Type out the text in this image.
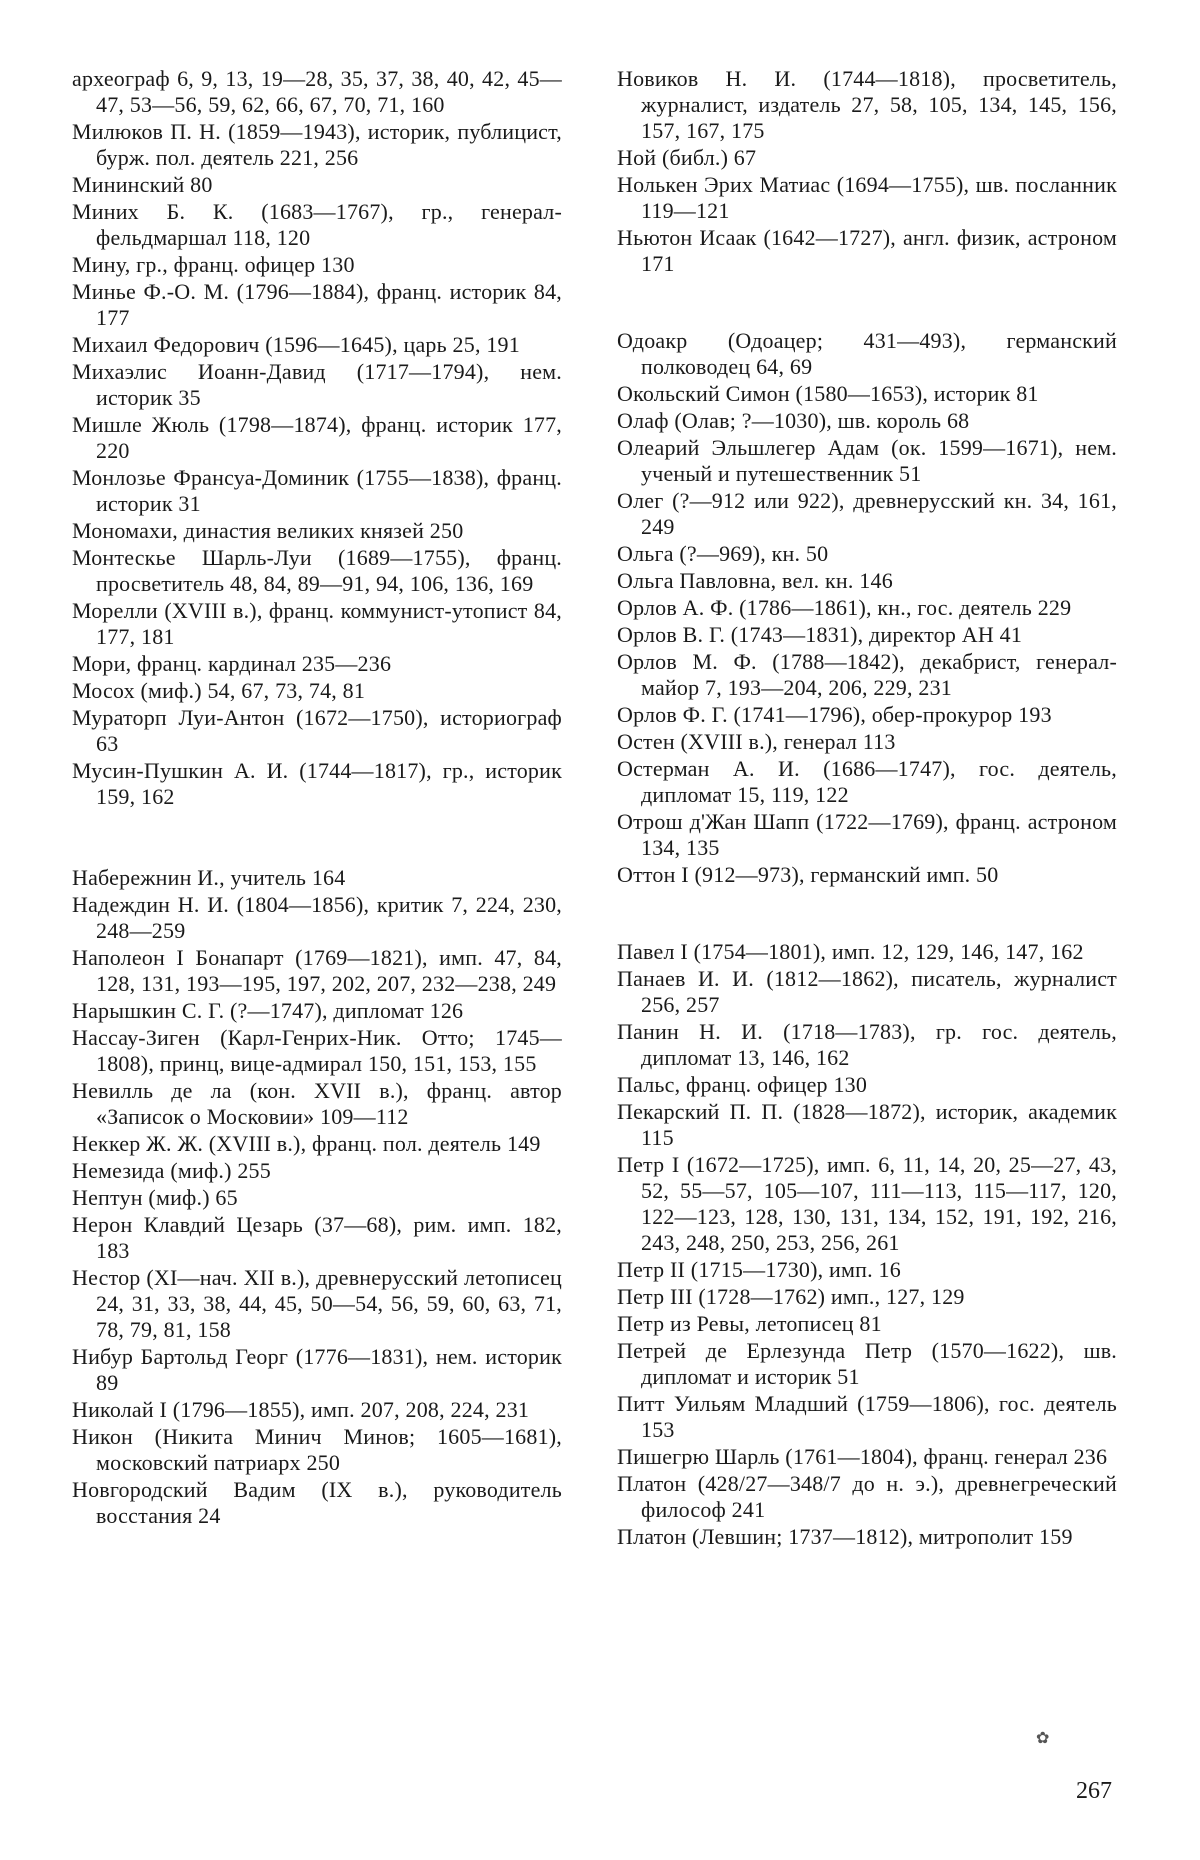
археограф 6, 9, 13, 19—28, 35, 37, 38, 40, 42, 45—47, 53—56, 59, 62, 66, 67, 70, 71, 160

Милюков П. Н. (1859—1943), историк, публицист, бурж. пол. деятель 221, 256

Мининский 80

Миних Б. К. (1683—1767), гр., генерал-фельдмаршал 118, 120

Мину, гр., франц. офицер 130

Минье Ф.-О. М. (1796—1884), франц. историк 84, 177

Михаил Федорович (1596—1645), царь 25, 191

Михаэлис Иоанн-Давид (1717—1794), нем. историк 35

Мишле Жюль (1798—1874), франц. историк 177, 220

Монлозье Франсуа-Доминик (1755—1838), франц. историк 31

Мономахи, династия великих князей 250

Монтескье Шарль-Луи (1689—1755), франц. просветитель 48, 84, 89—91, 94, 106, 136, 169

Морелли (XVIII в.), франц. коммунист-утопист 84, 177, 181

Мори, франц. кардинал 235—236

Мосох (миф.) 54, 67, 73, 74, 81

Мураторп Луи-Антон (1672—1750), историограф 63

Мусин-Пушкин А. И. (1744—1817), гр., историк 159, 162

Набережнин И., учитель 164

Надеждин Н. И. (1804—1856), критик 7, 224, 230, 248—259

Наполеон I Бонапарт (1769—1821), имп. 47, 84, 128, 131, 193—195, 197, 202, 207, 232—238, 249

Нарышкин С. Г. (?—1747), дипломат 126

Нассау-Зиген (Карл-Генрих-Ник. Отто; 1745—1808), принц, вице-адмирал 150, 151, 153, 155

Невилль де ла (кон. XVII в.), франц. автор «Записок о Московии» 109—112

Неккер Ж. Ж. (XVIII в.), франц. пол. деятель 149

Немезида (миф.) 255

Нептун (миф.) 65

Нерон Клавдий Цезарь (37—68), рим. имп. 182, 183

Нестор (XI—нач. XII в.), древнерусский летописец 24, 31, 33, 38, 44, 45, 50—54, 56, 59, 60, 63, 71, 78, 79, 81, 158

Нибур Бартольд Георг (1776—1831), нем. историк 89

Николай I (1796—1855), имп. 207, 208, 224, 231

Никон (Никита Минич Минов; 1605—1681), московский патриарх 250

Новгородский Вадим (IX в.), руководитель восстания 24

Новиков Н. И. (1744—1818), просветитель, журналист, издатель 27, 58, 105, 134, 145, 156, 157, 167, 175

Ной (библ.) 67

Нолькен Эрих Матиас (1694—1755), шв. посланник 119—121

Ньютон Исаак (1642—1727), англ. физик, астроном 171

Одоакр (Одоацер; 431—493), германский полководец 64, 69

Окольский Симон (1580—1653), историк 81

Олаф (Олав; ?—1030), шв. король 68

Олеарий Эльшлегер Адам (ок. 1599—1671), нем. ученый и путешественник 51

Олег (?—912 или 922), древнерусский кн. 34, 161, 249

Ольга (?—969), кн. 50

Ольга Павловна, вел. кн. 146

Орлов А. Ф. (1786—1861), кн., гос. деятель 229

Орлов В. Г. (1743—1831), директор АН 41

Орлов М. Ф. (1788—1842), декабрист, генерал-майор 7, 193—204, 206, 229, 231

Орлов Ф. Г. (1741—1796), обер-прокурор 193

Остен (XVIII в.), генерал 113

Остерман А. И. (1686—1747), гос. деятель, дипломат 15, 119, 122

Отрош д'Жан Шапп (1722—1769), франц. астроном 134, 135

Оттон I (912—973), германский имп. 50

Павел I (1754—1801), имп. 12, 129, 146, 147, 162

Панаев И. И. (1812—1862), писатель, журналист 256, 257

Панин Н. И. (1718—1783), гр. гос. деятель, дипломат 13, 146, 162

Пальс, франц. офицер 130

Пекарский П. П. (1828—1872), историк, академик 115

Петр I (1672—1725), имп. 6, 11, 14, 20, 25—27, 43, 52, 55—57, 105—107, 111—113, 115—117, 120, 122—123, 128, 130, 131, 134, 152, 191, 192, 216, 243, 248, 250, 253, 256, 261

Петр II (1715—1730), имп. 16

Петр III (1728—1762) имп., 127, 129

Петр из Ревы, летописец 81

Петрей де Ерлезунда Петр (1570—1622), шв. дипломат и историк 51

Питт Уильям Младший (1759—1806), гос. деятель 153

Пишегрю Шарль (1761—1804), франц. генерал 236

Платон (428/27—348/7 до н. э.), древнегреческий философ 241

Платон (Левшин; 1737—1812), митрополит 159

✿
267
